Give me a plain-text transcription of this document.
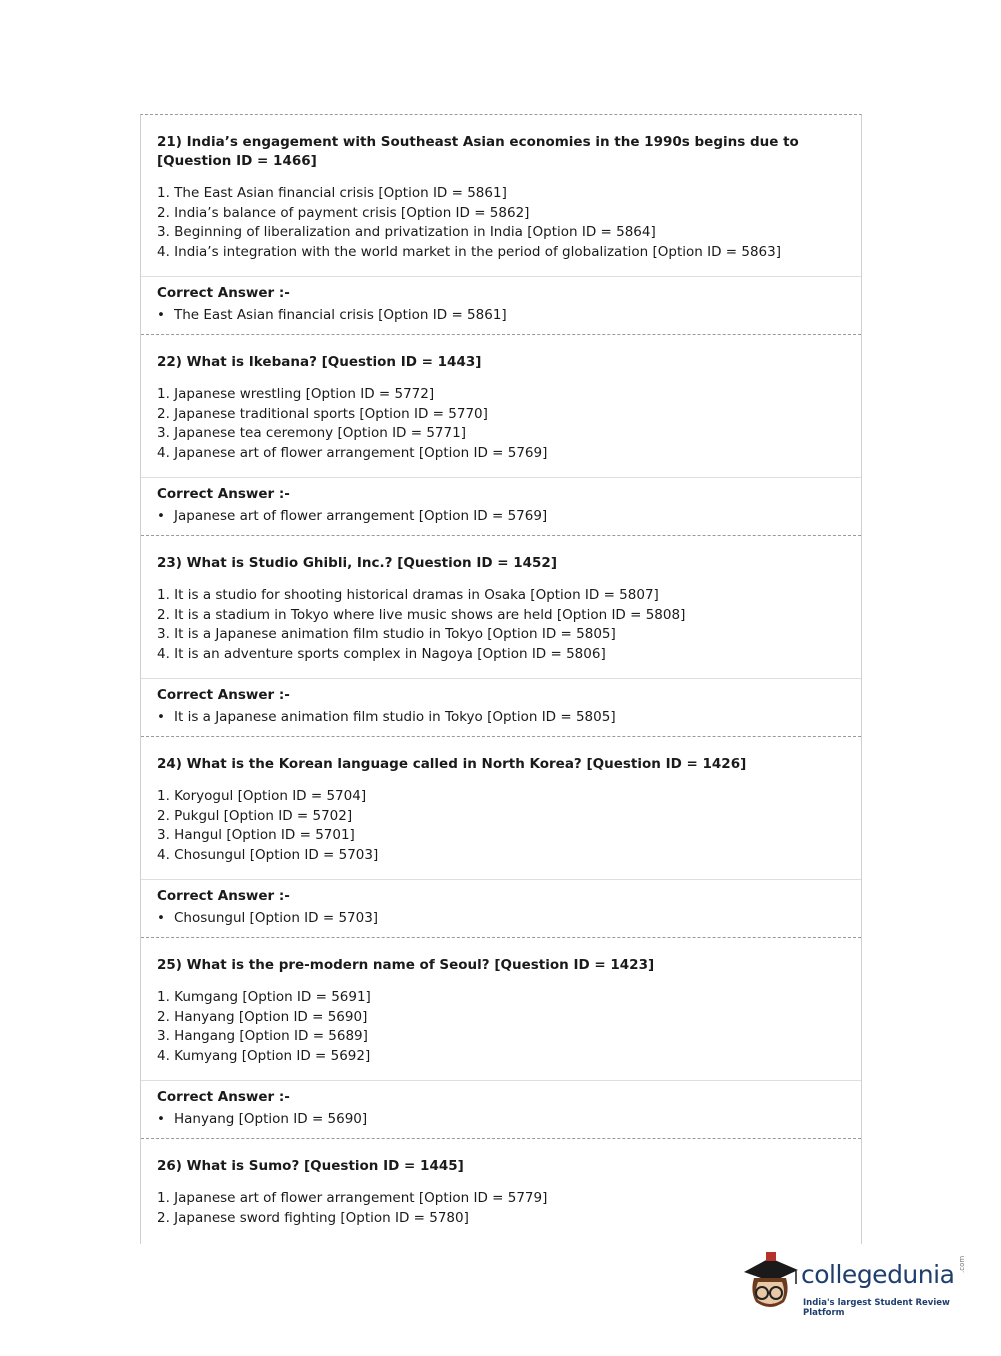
21) India’s engagement with Southeast Asian economies in the 1990s begins due to [Question ID = 1466]

1. The East Asian financial crisis [Option ID = 5861]
2. India’s balance of payment crisis [Option ID = 5862]
3. Beginning of liberalization and privatization in India [Option ID = 5864]
4. India’s integration with the world market in the period of globalization [Option ID = 5863]

Correct Answer :-

• The East Asian financial crisis [Option ID = 5861]

22) What is Ikebana? [Question ID = 1443]

1. Japanese wrestling [Option ID = 5772]
2. Japanese traditional sports [Option ID = 5770]
3. Japanese tea ceremony [Option ID = 5771]
4. Japanese art of flower arrangement [Option ID = 5769]

Correct Answer :-

• Japanese art of flower arrangement [Option ID = 5769]

23) What is Studio Ghibli, Inc.? [Question ID = 1452]

1. It is a studio for shooting historical dramas in Osaka [Option ID = 5807]
2. It is a stadium in Tokyo where live music shows are held [Option ID = 5808]
3. It is a Japanese animation film studio in Tokyo [Option ID = 5805]
4. It is an adventure sports complex in Nagoya [Option ID = 5806]

Correct Answer :-

• It is a Japanese animation film studio in Tokyo [Option ID = 5805]

24) What is the Korean language called in North Korea? [Question ID = 1426]

1. Koryogul [Option ID = 5704]
2. Pukgul [Option ID = 5702]
3. Hangul [Option ID = 5701]
4. Chosungul [Option ID = 5703]

Correct Answer :-

• Chosungul [Option ID = 5703]

25) What is the pre-modern name of Seoul? [Question ID = 1423]

1. Kumgang [Option ID = 5691]
2. Hanyang [Option ID = 5690]
3. Hangang [Option ID = 5689]
4. Kumyang [Option ID = 5692]

Correct Answer :-

• Hanyang [Option ID = 5690]

26) What is Sumo? [Question ID = 1445]

1. Japanese art of flower arrangement [Option ID = 5779]
2. Japanese sword fighting [Option ID = 5780]
collegedunia .com
India's largest Student Review Platform
